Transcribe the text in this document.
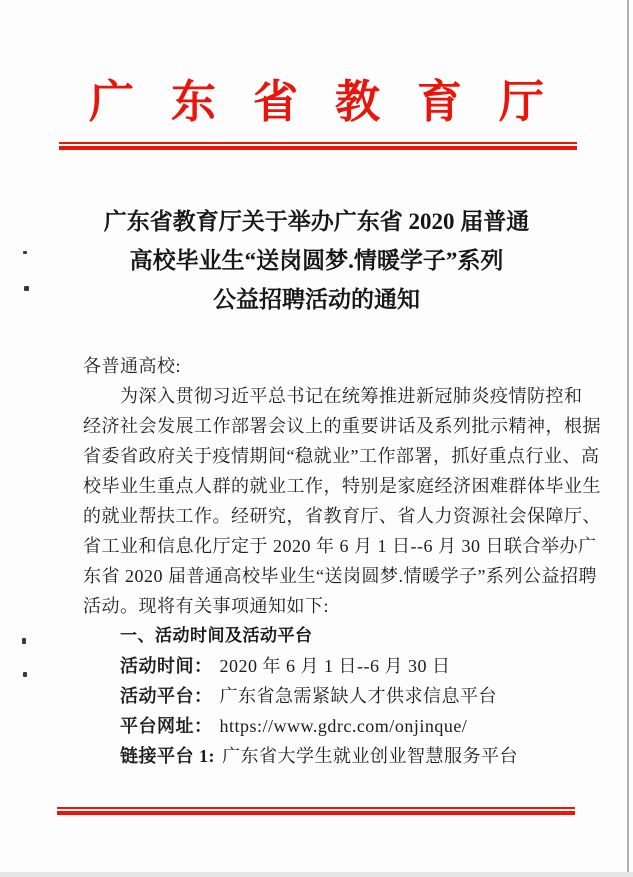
广东省教育厅
广东省教育厅关于举办广东省 2020 届普通
高校毕业生“送岗圆梦.情暖学子”系列
公益招聘活动的通知
各普通高校:
为深入贯彻习近平总书记在统筹推进新冠肺炎疫情防控和
经济社会发展工作部署会议上的重要讲话及系列批示精神，根据
省委省政府关于疫情期间“稳就业”工作部署，抓好重点行业、高
校毕业生重点人群的就业工作，特别是家庭经济困难群体毕业生
的就业帮扶工作。经研究，省教育厅、省人力资源社会保障厅、
省工业和信息化厅定于 2020 年 6 月 1 日--6 月 30 日联合举办广
东省 2020 届普通高校毕业生“送岗圆梦.情暖学子”系列公益招聘
活动。现将有关事项通知如下:
一、活动时间及活动平台
活动时间： 2020 年 6 月 1 日--6 月 30 日
活动平台： 广东省急需紧缺人才供求信息平台
平台网址： https://www.gdrc.com/onjinque/
链接平台 1: 广东省大学生就业创业智慧服务平台
